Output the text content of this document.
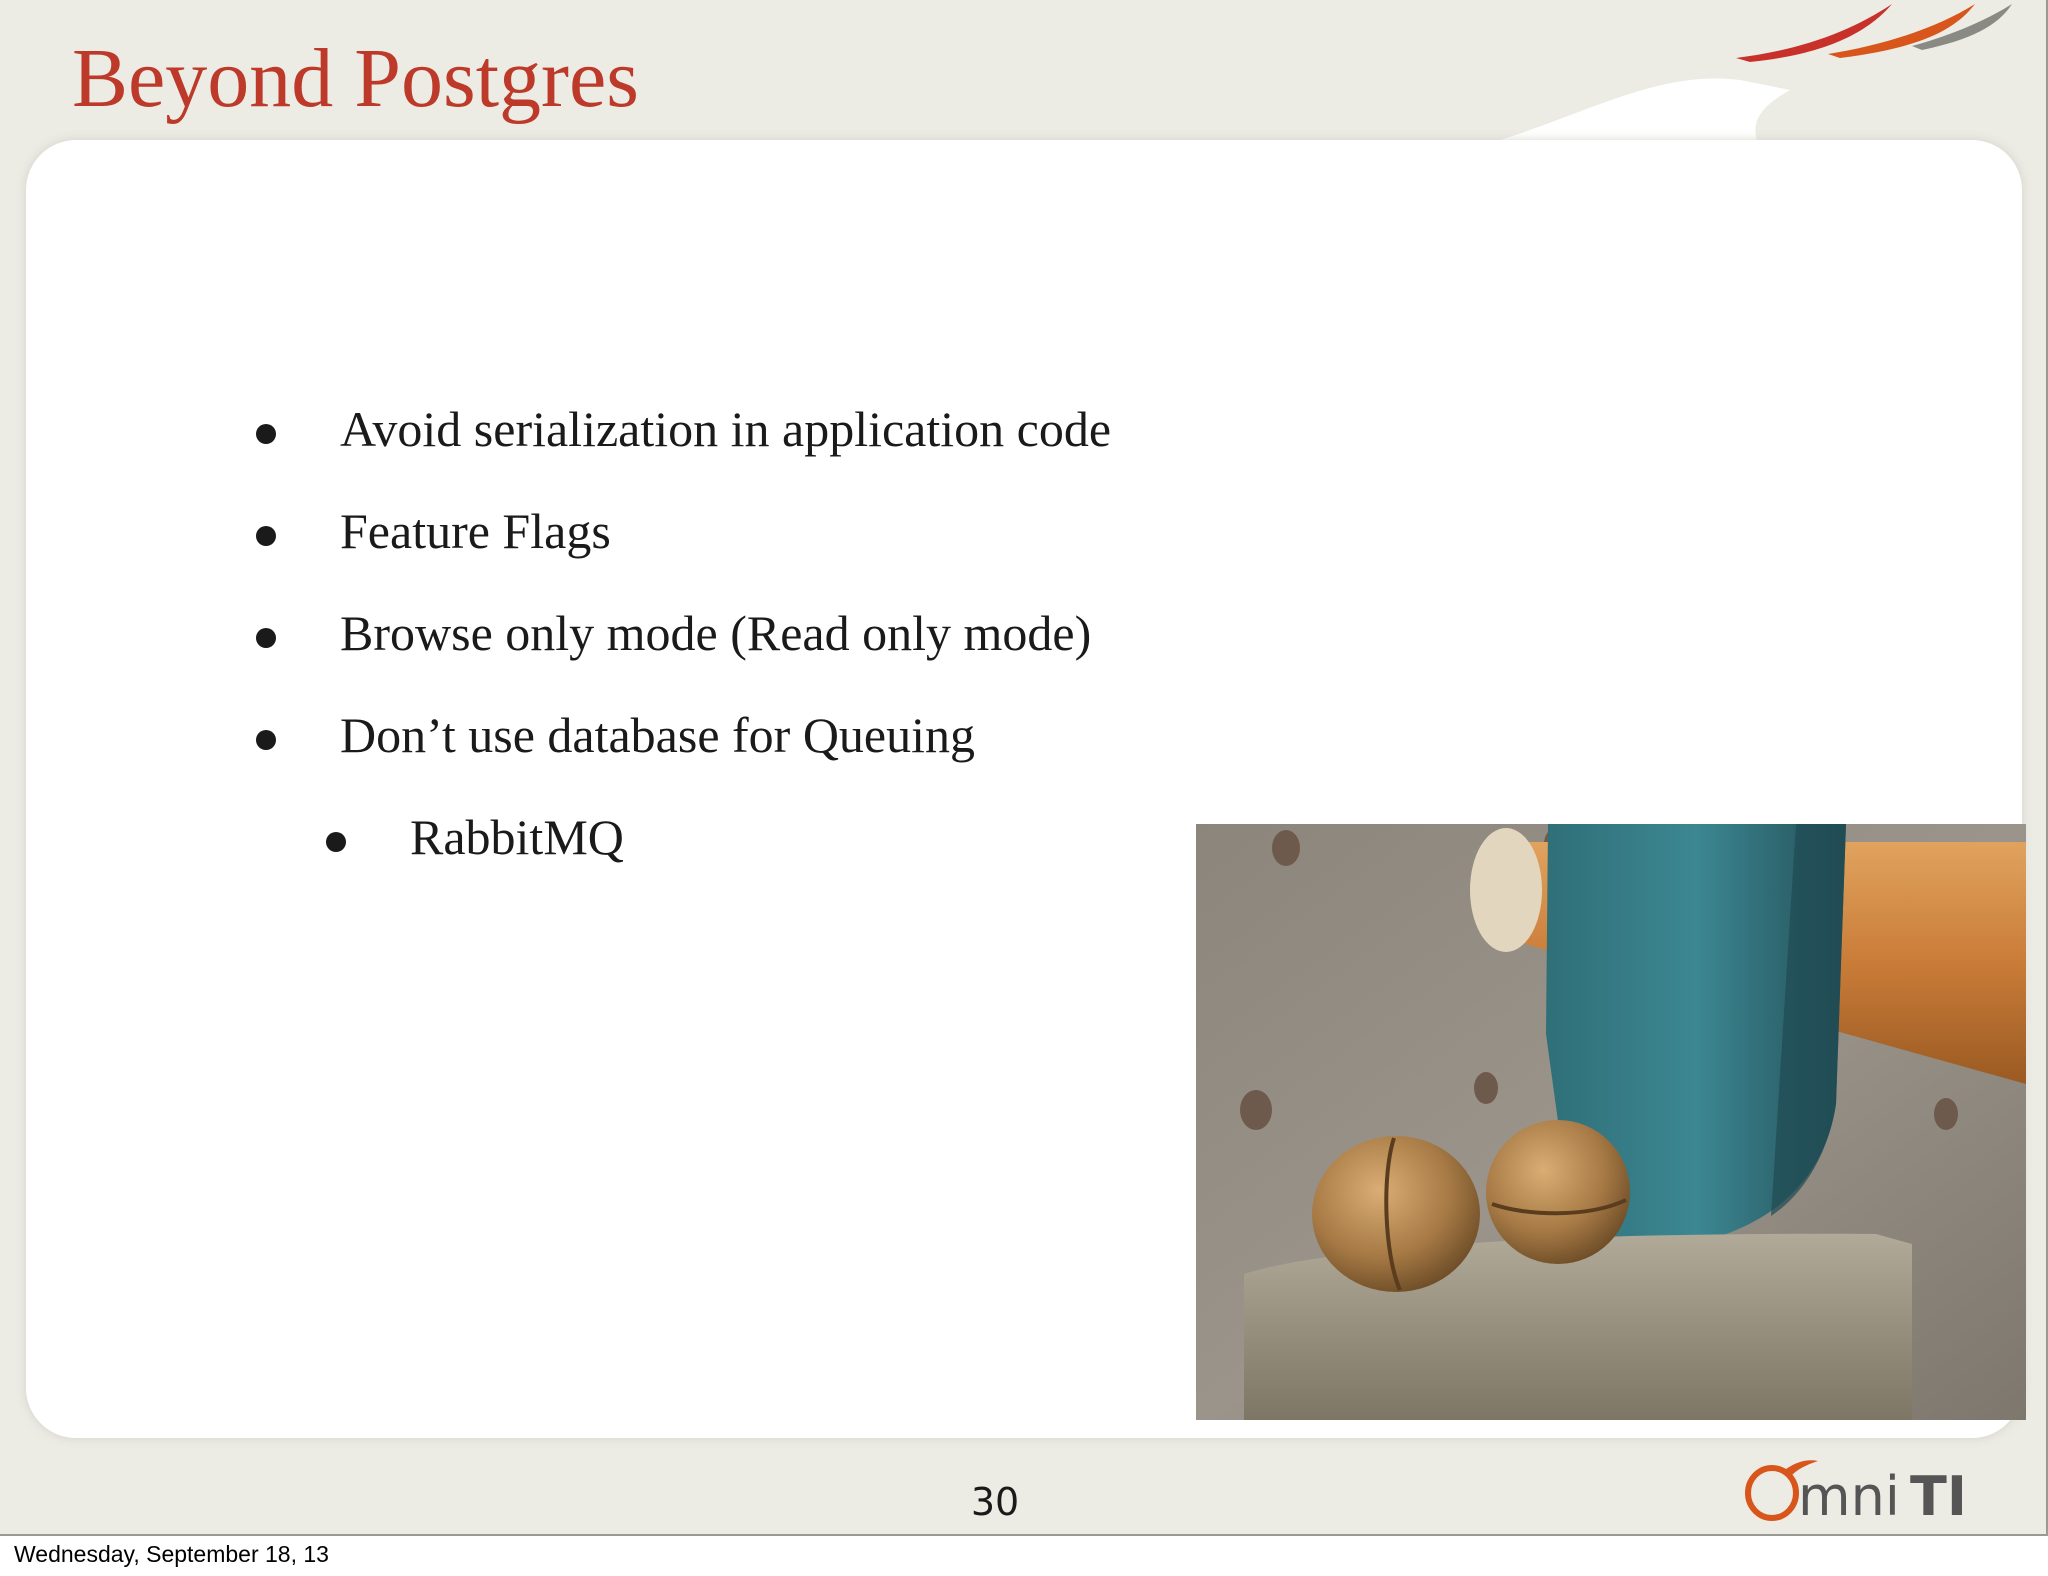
Beyond Postgres
Avoid serialization in application code
Feature Flags
Browse only mode (Read only mode)
Don’t use database for Queuing
RabbitMQ
30	mni TI
Wednesday, September 18, 13
